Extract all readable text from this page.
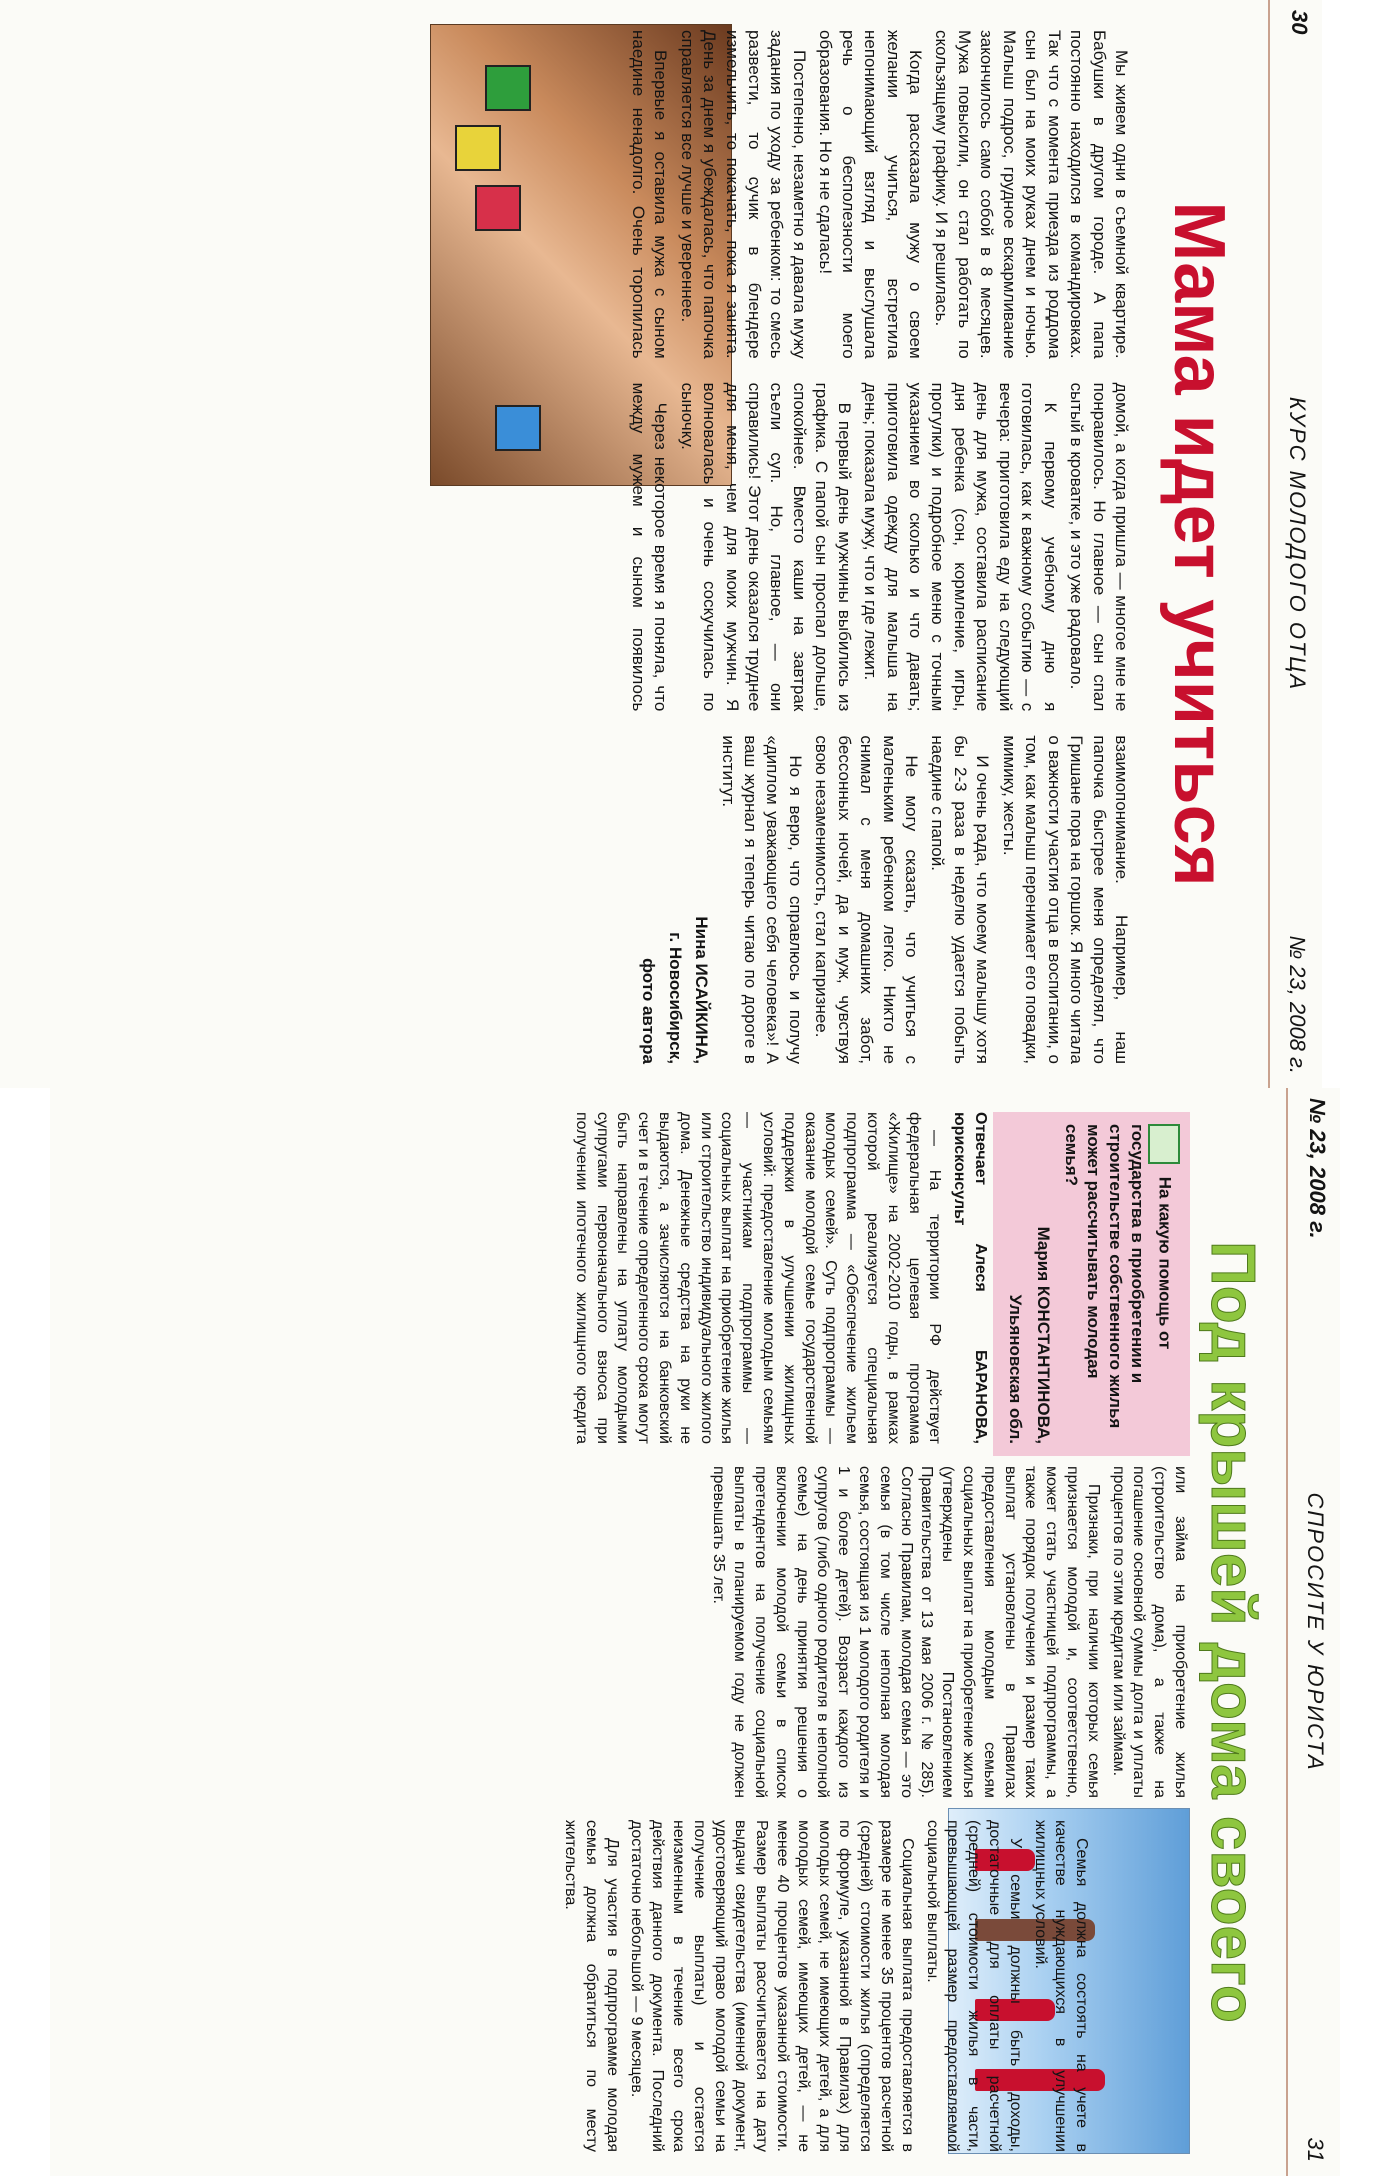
30
КУРС МОЛОДОГО ОТЦА
№ 23, 2008 г.
Мама идет учиться

Мы живем одни в съемной квартире. Бабушки в другом городе. А папа постоянно находился в командировках. Так что с момента приезда из роддома сын был на моих руках днем и ночью. Малыш подрос, грудное вскармливание закончилось само собой в 8 месяцев. Мужа повысили, он стал работать по скользящему графику. И я решилась.

Когда рассказала мужу о своем желании учиться, встретила непонимающий взгляд и выслушала речь о бесполезности моего образования. Но я не сдалась!

Постепенно, незаметно я давала мужу задания по уходу за ребенком: то смесь развести, то сучик в блендере измельчить, то покачать, пока я занята. День за днем я убеждалась, что папочка справляется все лучше и увереннее.

Впервые я оставила мужа с сыном наедине ненадолго. Очень торопилась домой, а когда пришла — многое мне не понравилось. Но главное — сын спал сытый в кроватке, и это уже радовало.

К первому учебному дню я готовилась, как к важному событию — с вечера: приготовила еду на следующий день для мужа, составила расписание дня ребенка (сон, кормление, игры, прогулки) и подробное меню с точным указанием во сколько и что давать; приготовила одежду для малыша на день; показала мужу, что и где лежит.

В первый день мужчины выбились из графика. С папой сын проспал дольше, спокойнее. Вместо каши на завтрак съели суп. Но, главное, — они справились! Этот день оказался труднее для меня, чем для моих мужчин. Я волновалась и очень соскучилась по сыночку.

Через некоторое время я поняла, что между мужем и сыном появилось взаимопонимание. Например, наш папочка быстрее меня определял, что Гришане пора на горшок. Я много читала о важности участия отца в воспитании, о том, как малыш перенимает его повадки, мимику, жесты.

И очень рада, что моему малышу хотя бы 2-3 раза в неделю удается побыть наедине с папой.

Не могу сказать, что учиться с маленьким ребенком легко. Никто не снимал с меня домашних забот, бессонных ночей, да и муж, чувствуя свою незаменимость, стал капризнее.

Но я верю, что справлюсь и получу «диплом уважающего себя человека»! А ваш журнал я теперь читаю по дороге в институт.

Нина ИСАЙКИНА,

г. Новосибирск,

фото автора

№ 23, 2008 г.
СПРОСИТЕ У ЮРИСТА
31
Под крышей дома своего
На какую помощь от государства в приобретении и строительстве собственного жилья может рассчитывать молодая семья?
Мария КОНСТАНТИНОВА,
Ульяновская обл.

Отвечает Алеся БАРАНОВА, юрисконсульт

— На территории РФ действует федеральная целевая программа «Жилище» на 2002-2010 годы, в рамках которой реализуется специальная подпрограмма — «Обеспечение жильем молодых семей». Суть подпрограммы — оказание молодой семье государственной поддержки в улучшении жилищных условий: предоставление молодым семьям — участникам подпрограммы — социальных выплат на приобретение жилья или строительство индивидуального жилого дома. Денежные средства на руки не выдаются, а зачисляются на банковский счет и в течение определенного срока могут быть направлены на уплату молодыми супругами первоначального взноса при получении ипотечного жилищного кредита или займа на приобретение жилья (строительство дома), а также на погашение основной суммы долга и уплаты процентов по этим кредитам или займам.

Признаки, при наличии которых семья признается молодой и, соответственно, может стать участницей подпрограммы, а также порядок получения и размер таких выплат установлены в Правилах предоставления молодым семьям социальных выплат на приобретение жилья (утверждены Постановлением Правительства от 13 мая 2006 г. № 285). Согласно Правилам, молодая семья — это семья (в том числе неполная молодая семья, состоящая из 1 молодого родителя и 1 и более детей). Возраст каждого из супругов (либо одного родителя в неполной семье) на день принятия решения о включении молодой семьи в список претендентов на получение социальной выплаты в планируемом году не должен превышать 35 лет.

Семья должна состоять на учете в качестве нуждающихся в улучшении жилищных условий.

У семьи должны быть доходы, достаточные для оплаты расчетной (средней) стоимости жилья в части, превышающей размер предоставляемой социальной выплаты.

Социальная выплата предоставляется в размере не менее 35 процентов расчетной (средней) стоимости жилья (определяется по формуле, указанной в Правилах) для молодых семей, не имеющих детей, а для молодых семей, имеющих детей, — не менее 40 процентов указанной стоимости. Размер выплаты рассчитывается на дату выдачи свидетельства (именной документ, удостоверяющий право молодой семьи на получение выплаты) и остается неизменным в течение всего срока действия данного документа. Последний достаточно небольшой — 9 месяцев.

Для участия в подпрограмме молодая семья должна обратиться по месту жительства.
